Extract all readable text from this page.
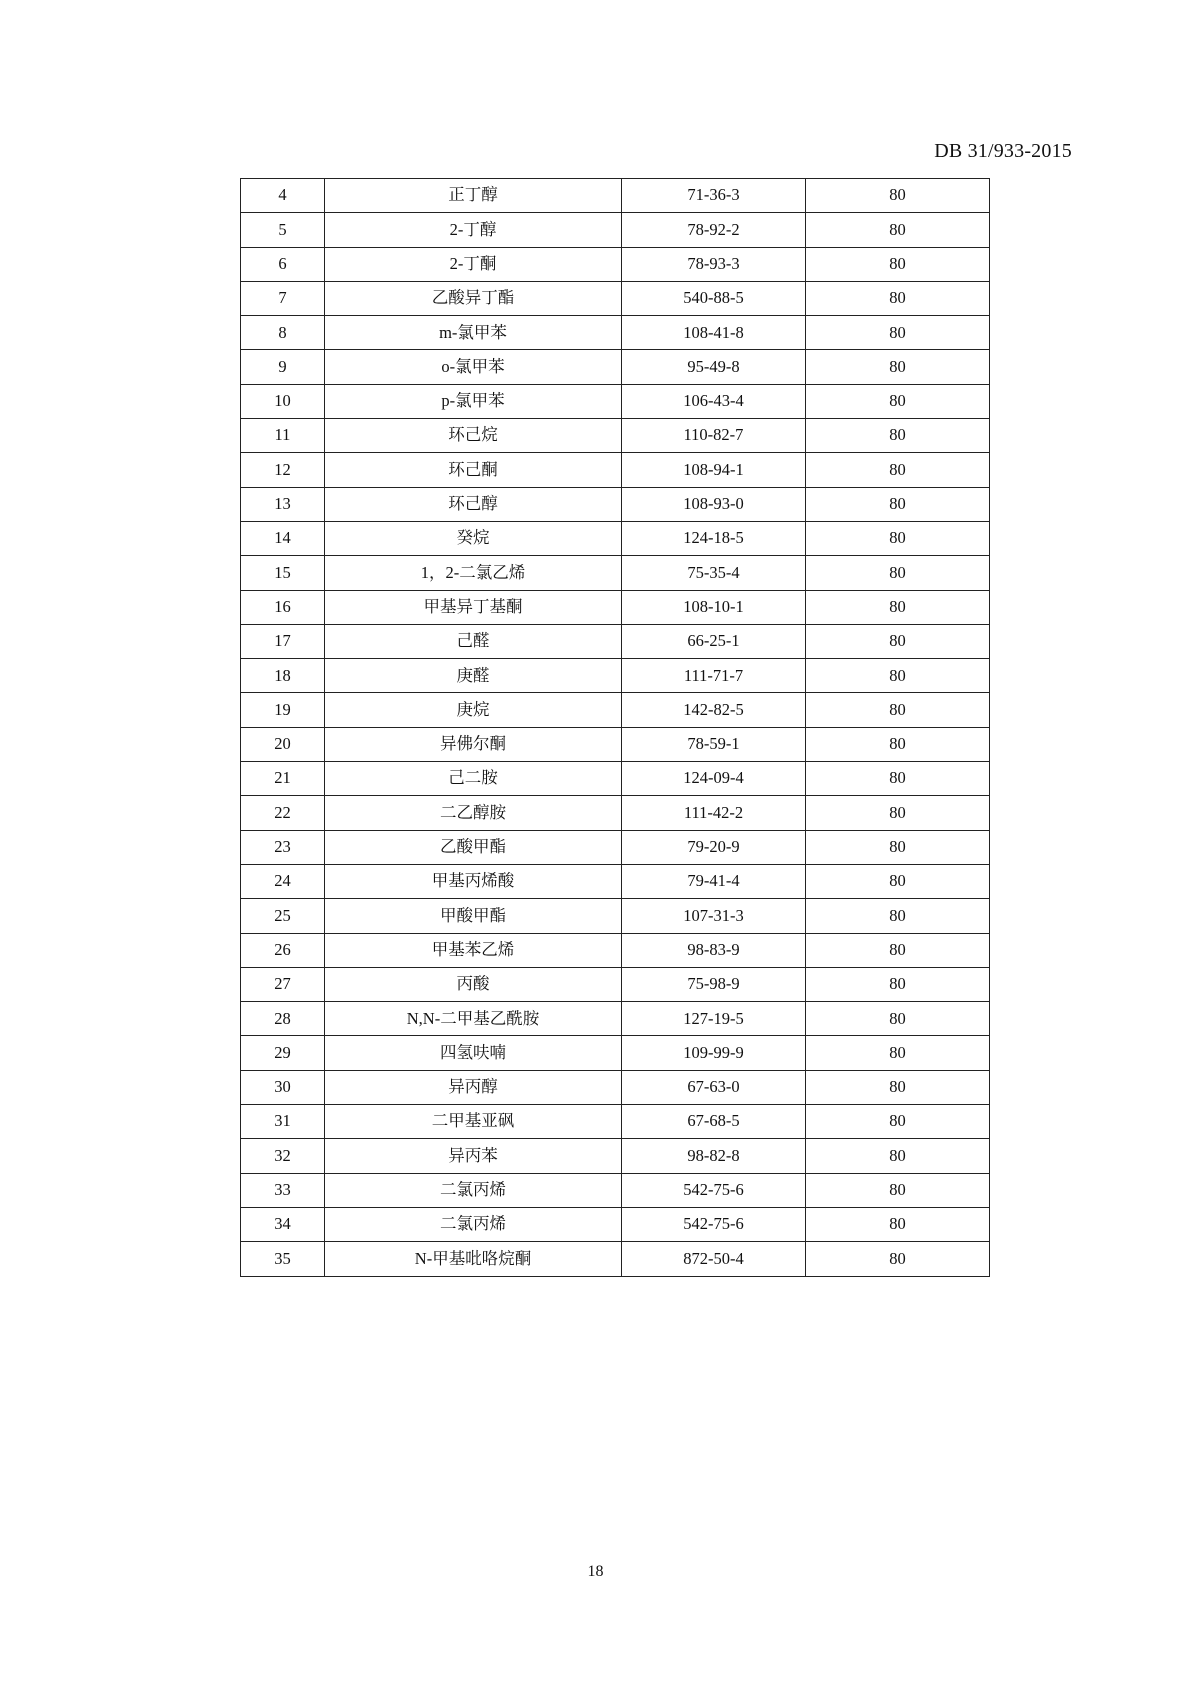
DB 31/933-2015
4	正丁醇	71-36-3	80
5	2-丁醇	78-92-2	80
6	2-丁酮	78-93-3	80
7	乙酸异丁酯	540-88-5	80
8	m-氯甲苯	108-41-8	80
9	o-氯甲苯	95-49-8	80
10	p-氯甲苯	106-43-4	80
11	环己烷	110-82-7	80
12	环己酮	108-94-1	80
13	环己醇	108-93-0	80
14	癸烷	124-18-5	80
15	1，2-二氯乙烯	75-35-4	80
16	甲基异丁基酮	108-10-1	80
17	己醛	66-25-1	80
18	庚醛	111-71-7	80
19	庚烷	142-82-5	80
20	异佛尔酮	78-59-1	80
21	己二胺	124-09-4	80
22	二乙醇胺	111-42-2	80
23	乙酸甲酯	79-20-9	80
24	甲基丙烯酸	79-41-4	80
25	甲酸甲酯	107-31-3	80
26	甲基苯乙烯	98-83-9	80
27	丙酸	75-98-9	80
28	N,N-二甲基乙酰胺	127-19-5	80
29	四氢呋喃	109-99-9	80
30	异丙醇	67-63-0	80
31	二甲基亚砜	67-68-5	80
32	异丙苯	98-82-8	80
33	二氯丙烯	542-75-6	80
34	二氯丙烯	542-75-6	80
35	N-甲基吡咯烷酮	872-50-4	80
18
